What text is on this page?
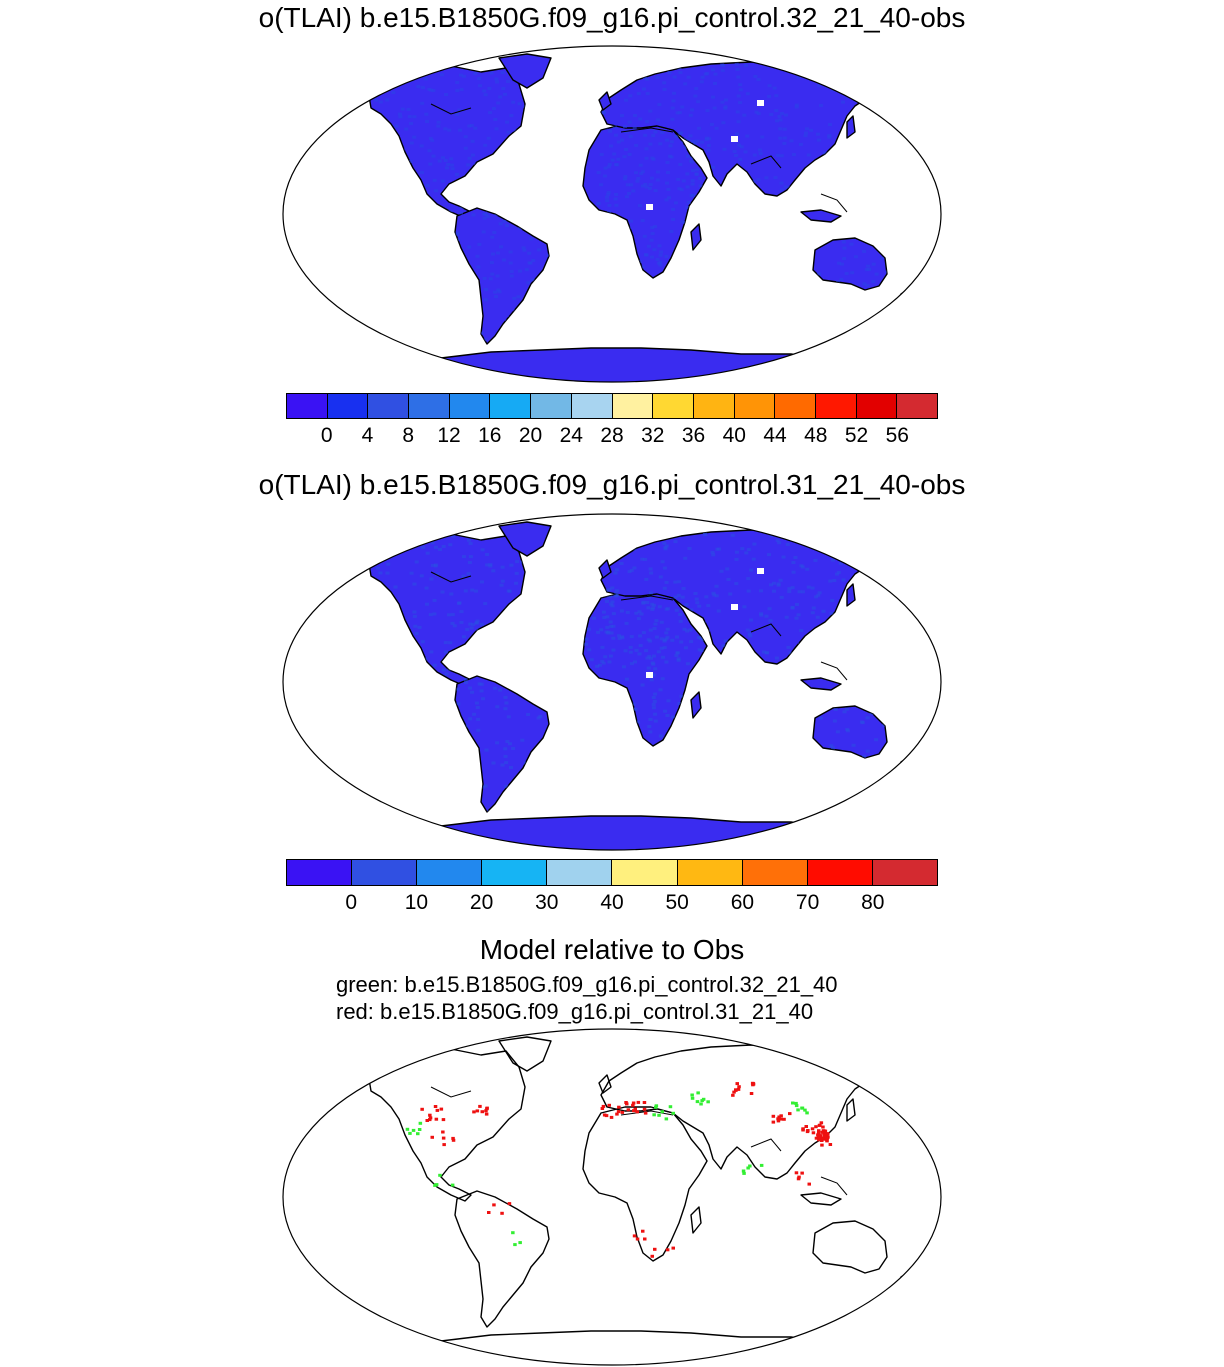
o(TLAI) b.e15.B1850G.f09_g16.pi_control.32_21_40-obs
0 4 8 12 16 20 24 28 32 36 40 44 48 52 56
o(TLAI) b.e15.B1850G.f09_g16.pi_control.31_21_40-obs
0 10 20 30 40 50 60 70 80
Model relative to Obs
green: b.e15.B1850G.f09_g16.pi_control.32_21_40
red: b.e15.B1850G.f09_g16.pi_control.31_21_40
